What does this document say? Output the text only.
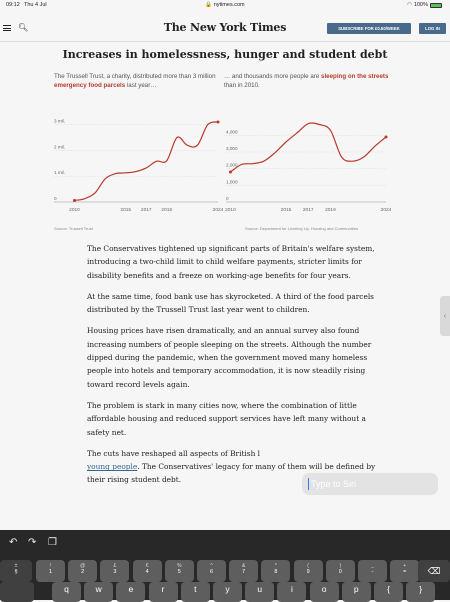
09:12 Thu 4 Jul	🔒 nytimes.com	◠ 100%
🔍︎	The New York Times	SUBSCRIBE FOR £0.50/WEEK	LOG IN
Increases in homelessness, hunger and student debt
The Trussell Trust, a charity, distributed more than 3 million emergency food parcels last year…
… and thousands more people are sleeping on the streets than in 2010.
0
1 mil.
2 mil.
3 mil.
2010	2015 2017 2019	2024
0
1,000
2,000
3,000
4,000
2010	2015 2017 2019	2024
Source: Trussell Trust	Source: Department for Leveling Up, Housing and Communities

The Conservatives tightened up significant parts of Britain's welfare system, introducing a two-child limit to child welfare payments, stricter limits for disability benefits and a freeze on working-age benefits for four years.

At the same time, food bank use has skyrocketed. A third of the food parcels distributed by the Trussell Trust last year went to children.

Housing prices have risen dramatically, and an annual survey also found increasing numbers of people sleeping on the streets. Although the number dipped during the pandemic, when the government moved many homeless people into hotels and temporary accommodation, it is now steadily rising toward record levels again.

The problem is stark in many cities now, where the combination of little affordable housing and reduced support services have left many without a safety net.

The cuts have reshaped all aspects of British l
young people. The Conservatives' legacy for many of them will be defined by their rising student debt.

‹
Type to Siri
↶ ↷ ❐
±
§
!
1
@
2
£
3
€
4
%
5
^
6
&
7
*
8
(
9
)
0
_
-
+
=	⌫
q	w	e	r	t	y	u	i	o	p	{	}
